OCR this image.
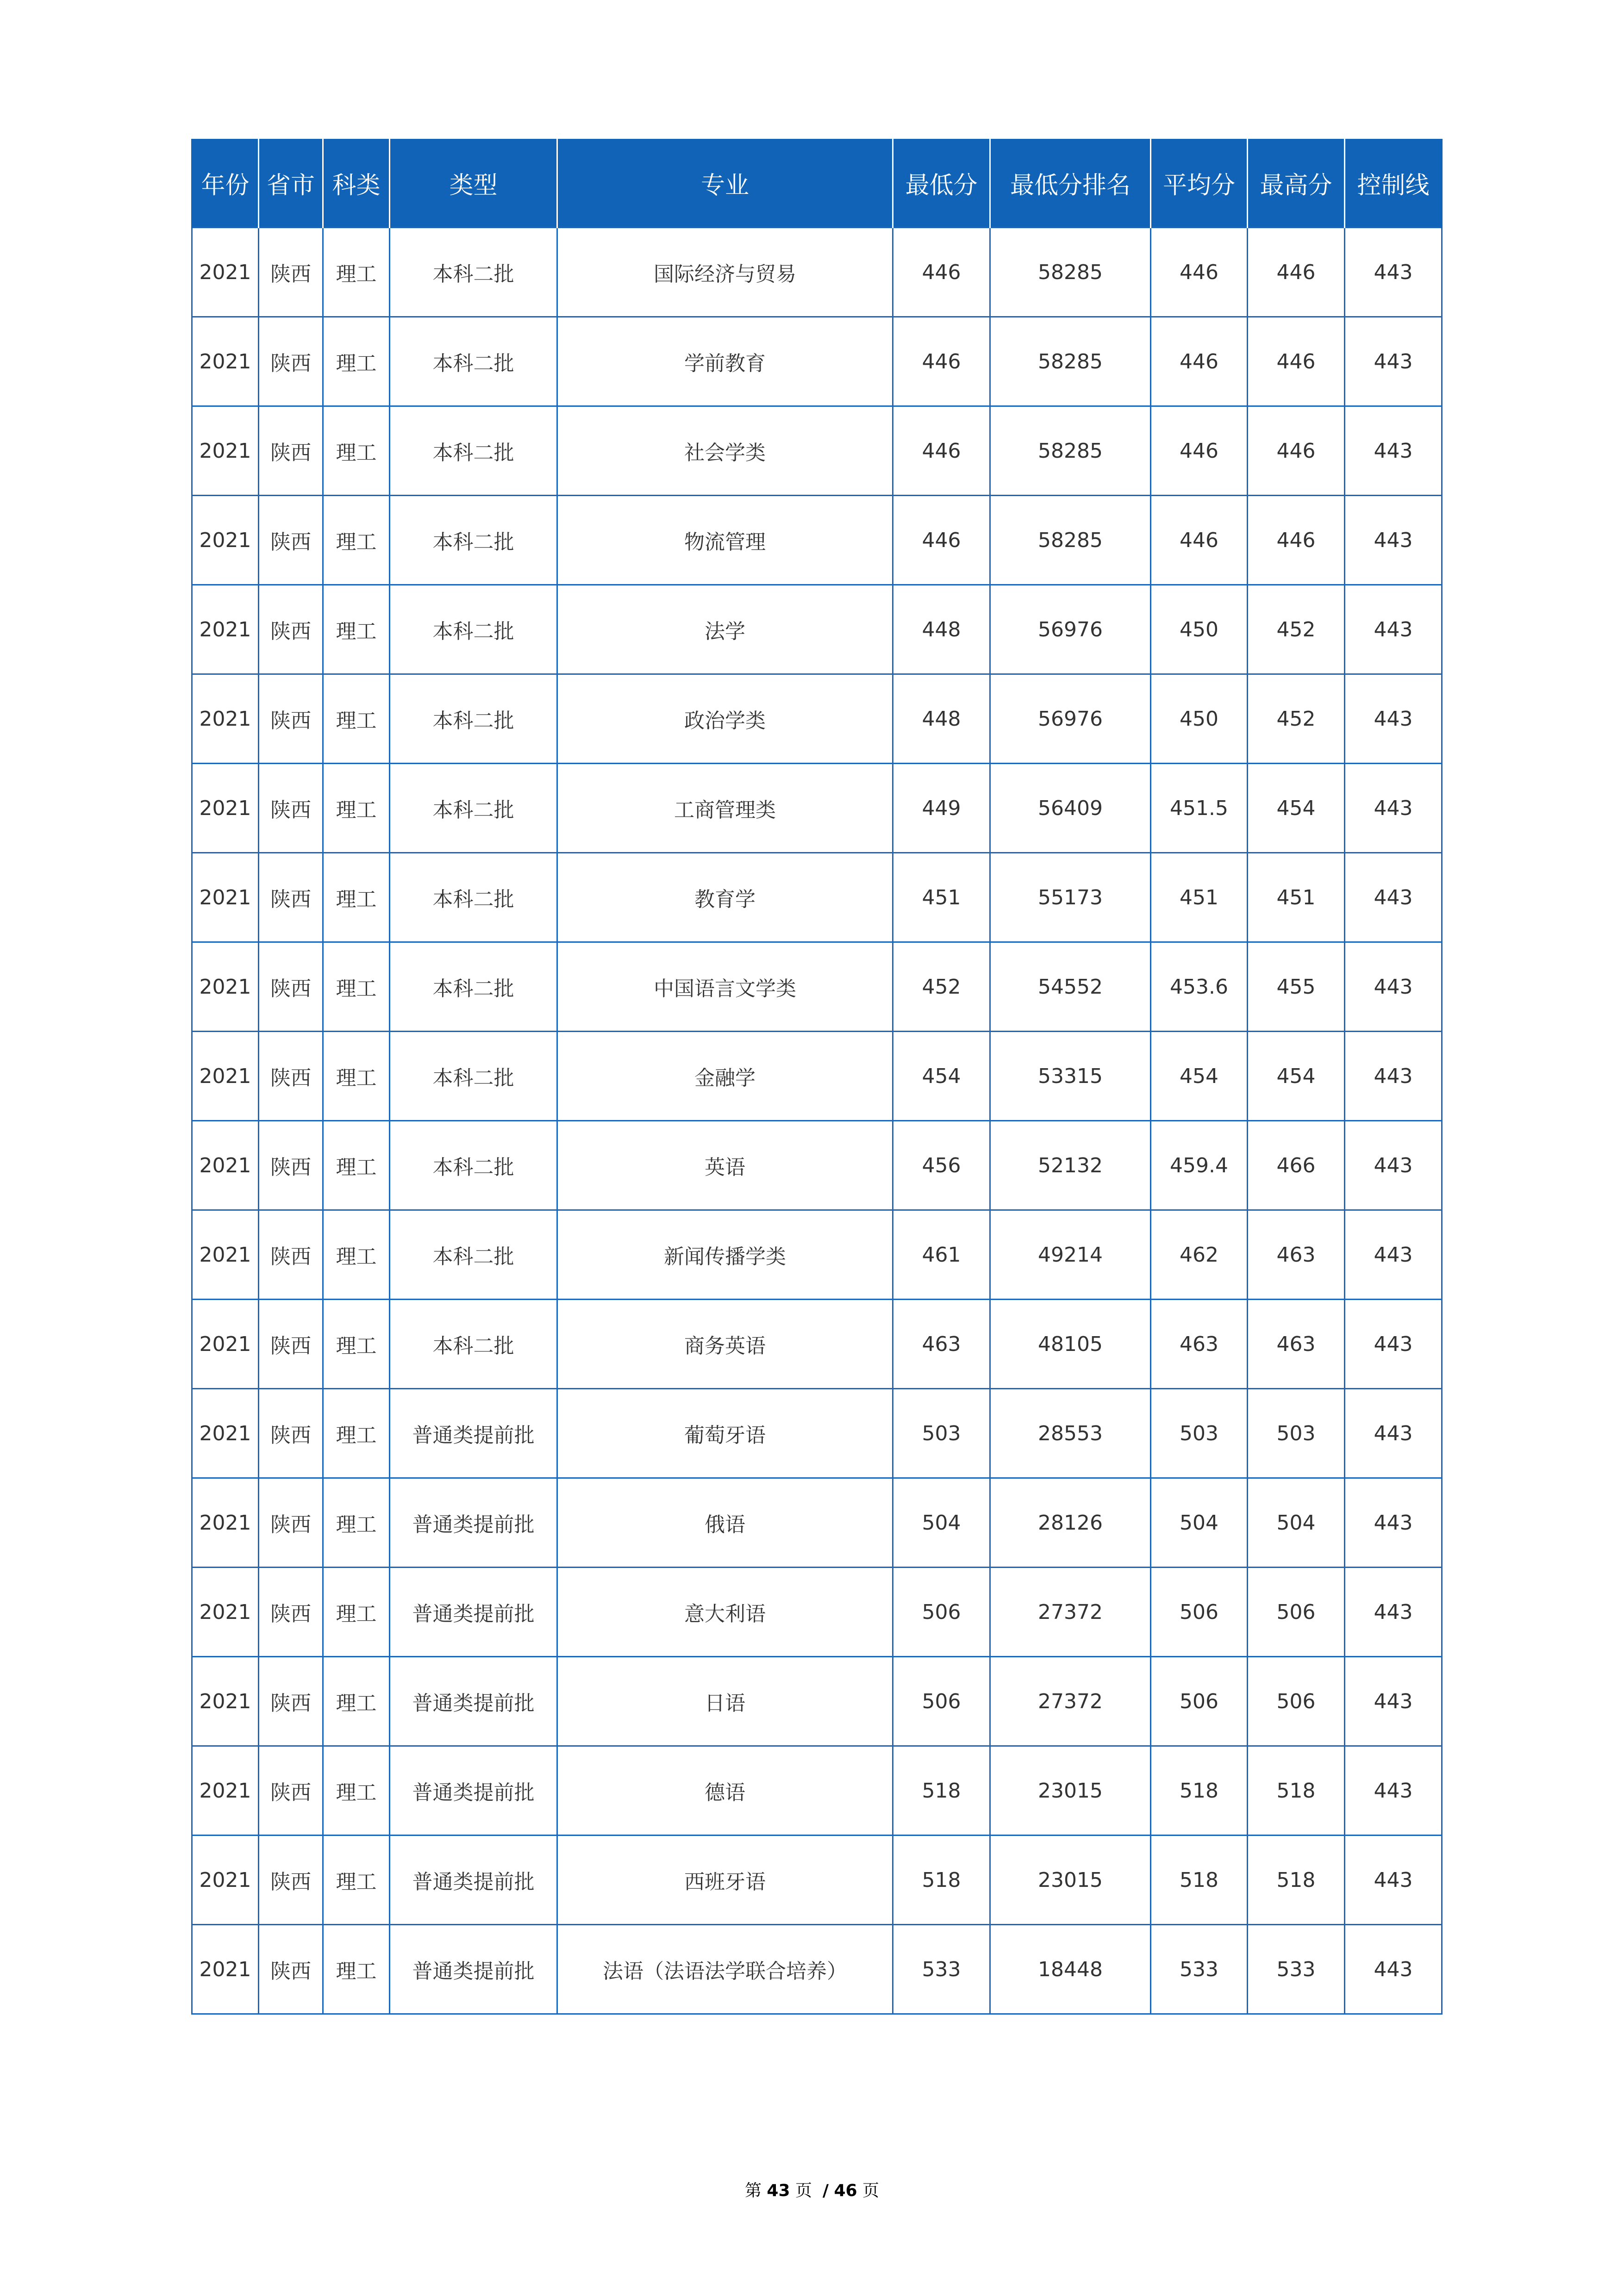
年份	省市	科类	类型	专业	最低分	最低分排名	平均分	最高分	控制线
2021	陕西	理工	本科二批	国际经济与贸易	446	58285	446	446	443
2021	陕西	理工	本科二批	学前教育	446	58285	446	446	443
2021	陕西	理工	本科二批	社会学类	446	58285	446	446	443
2021	陕西	理工	本科二批	物流管理	446	58285	446	446	443
2021	陕西	理工	本科二批	法学	448	56976	450	452	443
2021	陕西	理工	本科二批	政治学类	448	56976	450	452	443
2021	陕西	理工	本科二批	工商管理类	449	56409	451.5	454	443
2021	陕西	理工	本科二批	教育学	451	55173	451	451	443
2021	陕西	理工	本科二批	中国语言文学类	452	54552	453.6	455	443
2021	陕西	理工	本科二批	金融学	454	53315	454	454	443
2021	陕西	理工	本科二批	英语	456	52132	459.4	466	443
2021	陕西	理工	本科二批	新闻传播学类	461	49214	462	463	443
2021	陕西	理工	本科二批	商务英语	463	48105	463	463	443
2021	陕西	理工	普通类提前批	葡萄牙语	503	28553	503	503	443
2021	陕西	理工	普通类提前批	俄语	504	28126	504	504	443
2021	陕西	理工	普通类提前批	意大利语	506	27372	506	506	443
2021	陕西	理工	普通类提前批	日语	506	27372	506	506	443
2021	陕西	理工	普通类提前批	德语	518	23015	518	518	443
2021	陕西	理工	普通类提前批	西班牙语	518	23015	518	518	443
2021	陕西	理工	普通类提前批	法语（法语法学联合培养）	533	18448	533	533	443
第 43 页 / 46 页
